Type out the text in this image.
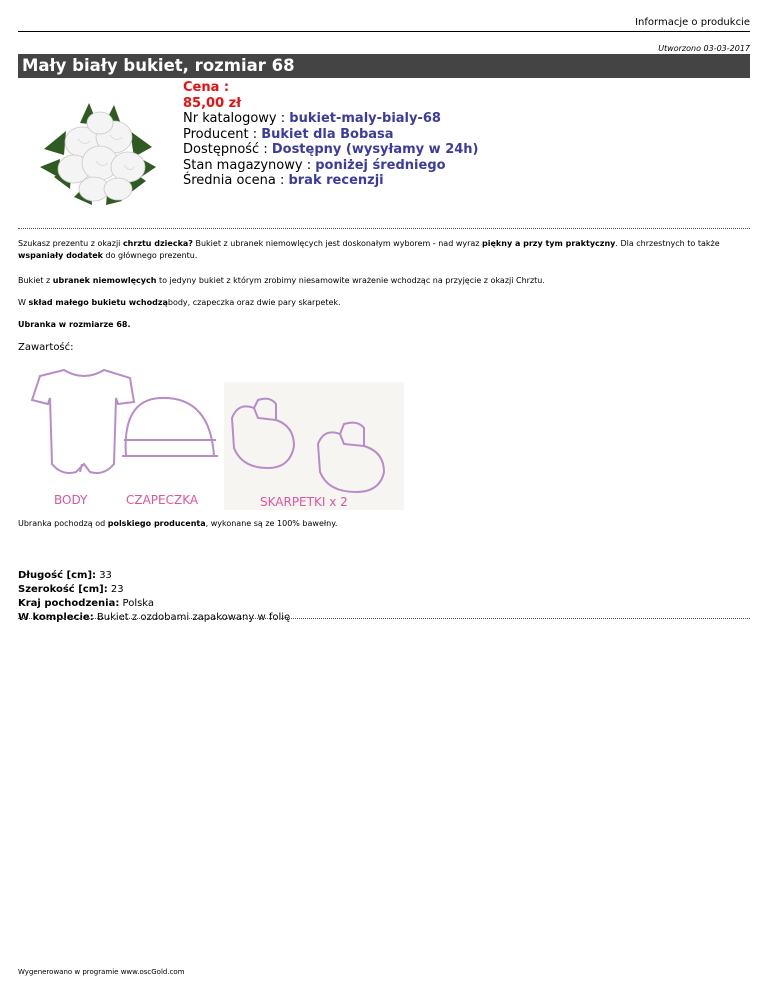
Informacje o produkcie
Utworzono 03-03-2017
Mały biały bukiet, rozmiar 68
Cena :
85,00 zł
Nr katalogowy : bukiet-maly-bialy-68
Producent : Bukiet dla Bobasa
Dostępność : Dostępny (wysyłamy w 24h)
Stan magazynowy : poniżej średniego
Średnia ocena : brak recenzji
Szukasz prezentu z okazji chrztu dziecka? Bukiet z ubranek niemowlęcych jest doskonałym wyborem - nad wyraz piękny a przy tym praktyczny. Dla chrzestnych to także wspaniały dodatek do głównego prezentu.
Bukiet z ubranek niemowlęcych to jedyny bukiet z którym zrobimy niesamowite wrażenie wchodząc na przyjęcie z okazji Chrztu.
W skład małego bukietu wchodząbody, czapeczka oraz dwie pary skarpetek.
Ubranka w rozmiarze 68.
Zawartość:
BODY	CZAPECZKA	SKARPETKI x 2
Ubranka pochodzą od polskiego producenta, wykonane są ze 100% bawełny.
Długość [cm]: 33
Szerokość [cm]: 23
Kraj pochodzenia: Polska
W komplecie: Bukiet z ozdobami zapakowany w folię
Wygenerowano w programie www.oscGold.com
